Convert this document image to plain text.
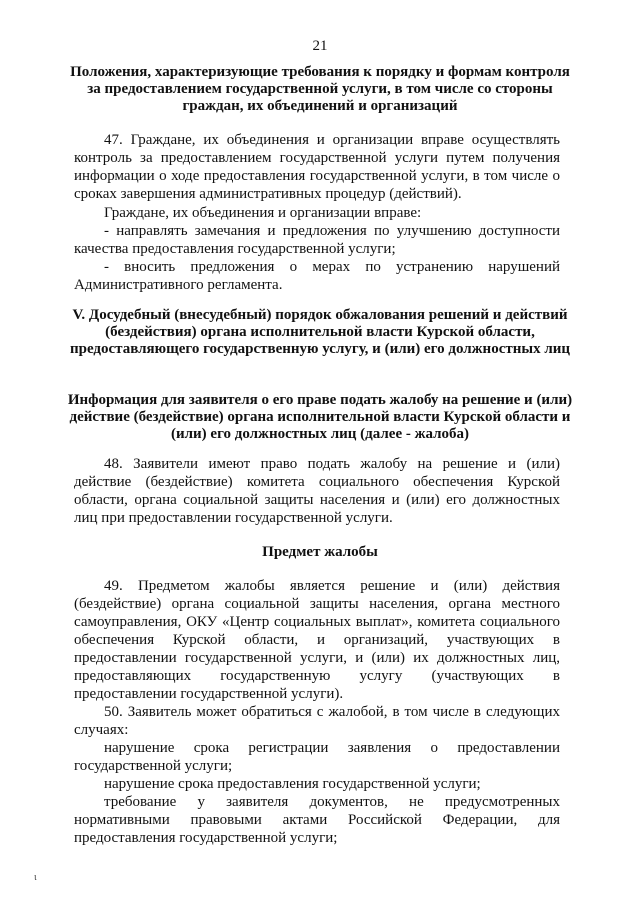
21
Положения, характеризующие требования к порядку и формам контроля за предоставлением государственной услуги, в том числе со стороны граждан, их объединений и организаций
47. Граждане, их объединения и организации вправе осуществлять контроль за предоставлением государственной услуги путем получения информации о ходе предоставления государственной услуги, в том числе о сроках завершения административных процедур (действий).
Граждане, их объединения и организации вправе:
- направлять замечания и предложения по улучшению доступности качества предоставления государственной услуги;
- вносить предложения о мерах по устранению нарушений Административного регламента.
V. Досудебный (внесудебный) порядок обжалования решений и действий (бездействия) органа исполнительной власти Курской области, предоставляющего государственную услугу, и (или) его должностных лиц
Информация для заявителя о его праве подать жалобу на решение и (или) действие (бездействие) органа исполнительной власти Курской области и (или) его должностных лиц (далее - жалоба)
48. Заявители имеют право подать жалобу на решение и (или) действие (бездействие) комитета социального обеспечения Курской области, органа социальной защиты населения и (или) его должностных лиц при предоставлении государственной услуги.
Предмет жалобы
49. Предметом жалобы является решение и (или) действия (бездействие) органа социальной защиты населения, органа местного самоуправления, ОКУ «Центр социальных выплат», комитета социального обеспечения Курской области, и организаций, участвующих в предоставлении государственной услуги, и (или) их должностных лиц, предоставляющих государственную услугу (участвующих в предоставлении государственной услуги).
50. Заявитель может обратиться с жалобой, в том числе в следующих случаях:
нарушение срока регистрации заявления о предоставлении государственной услуги;
нарушение срока предоставления государственной услуги;
требование у заявителя документов, не предусмотренных нормативными правовыми актами Российской Федерации, для предоставления государственной услуги;
ι
